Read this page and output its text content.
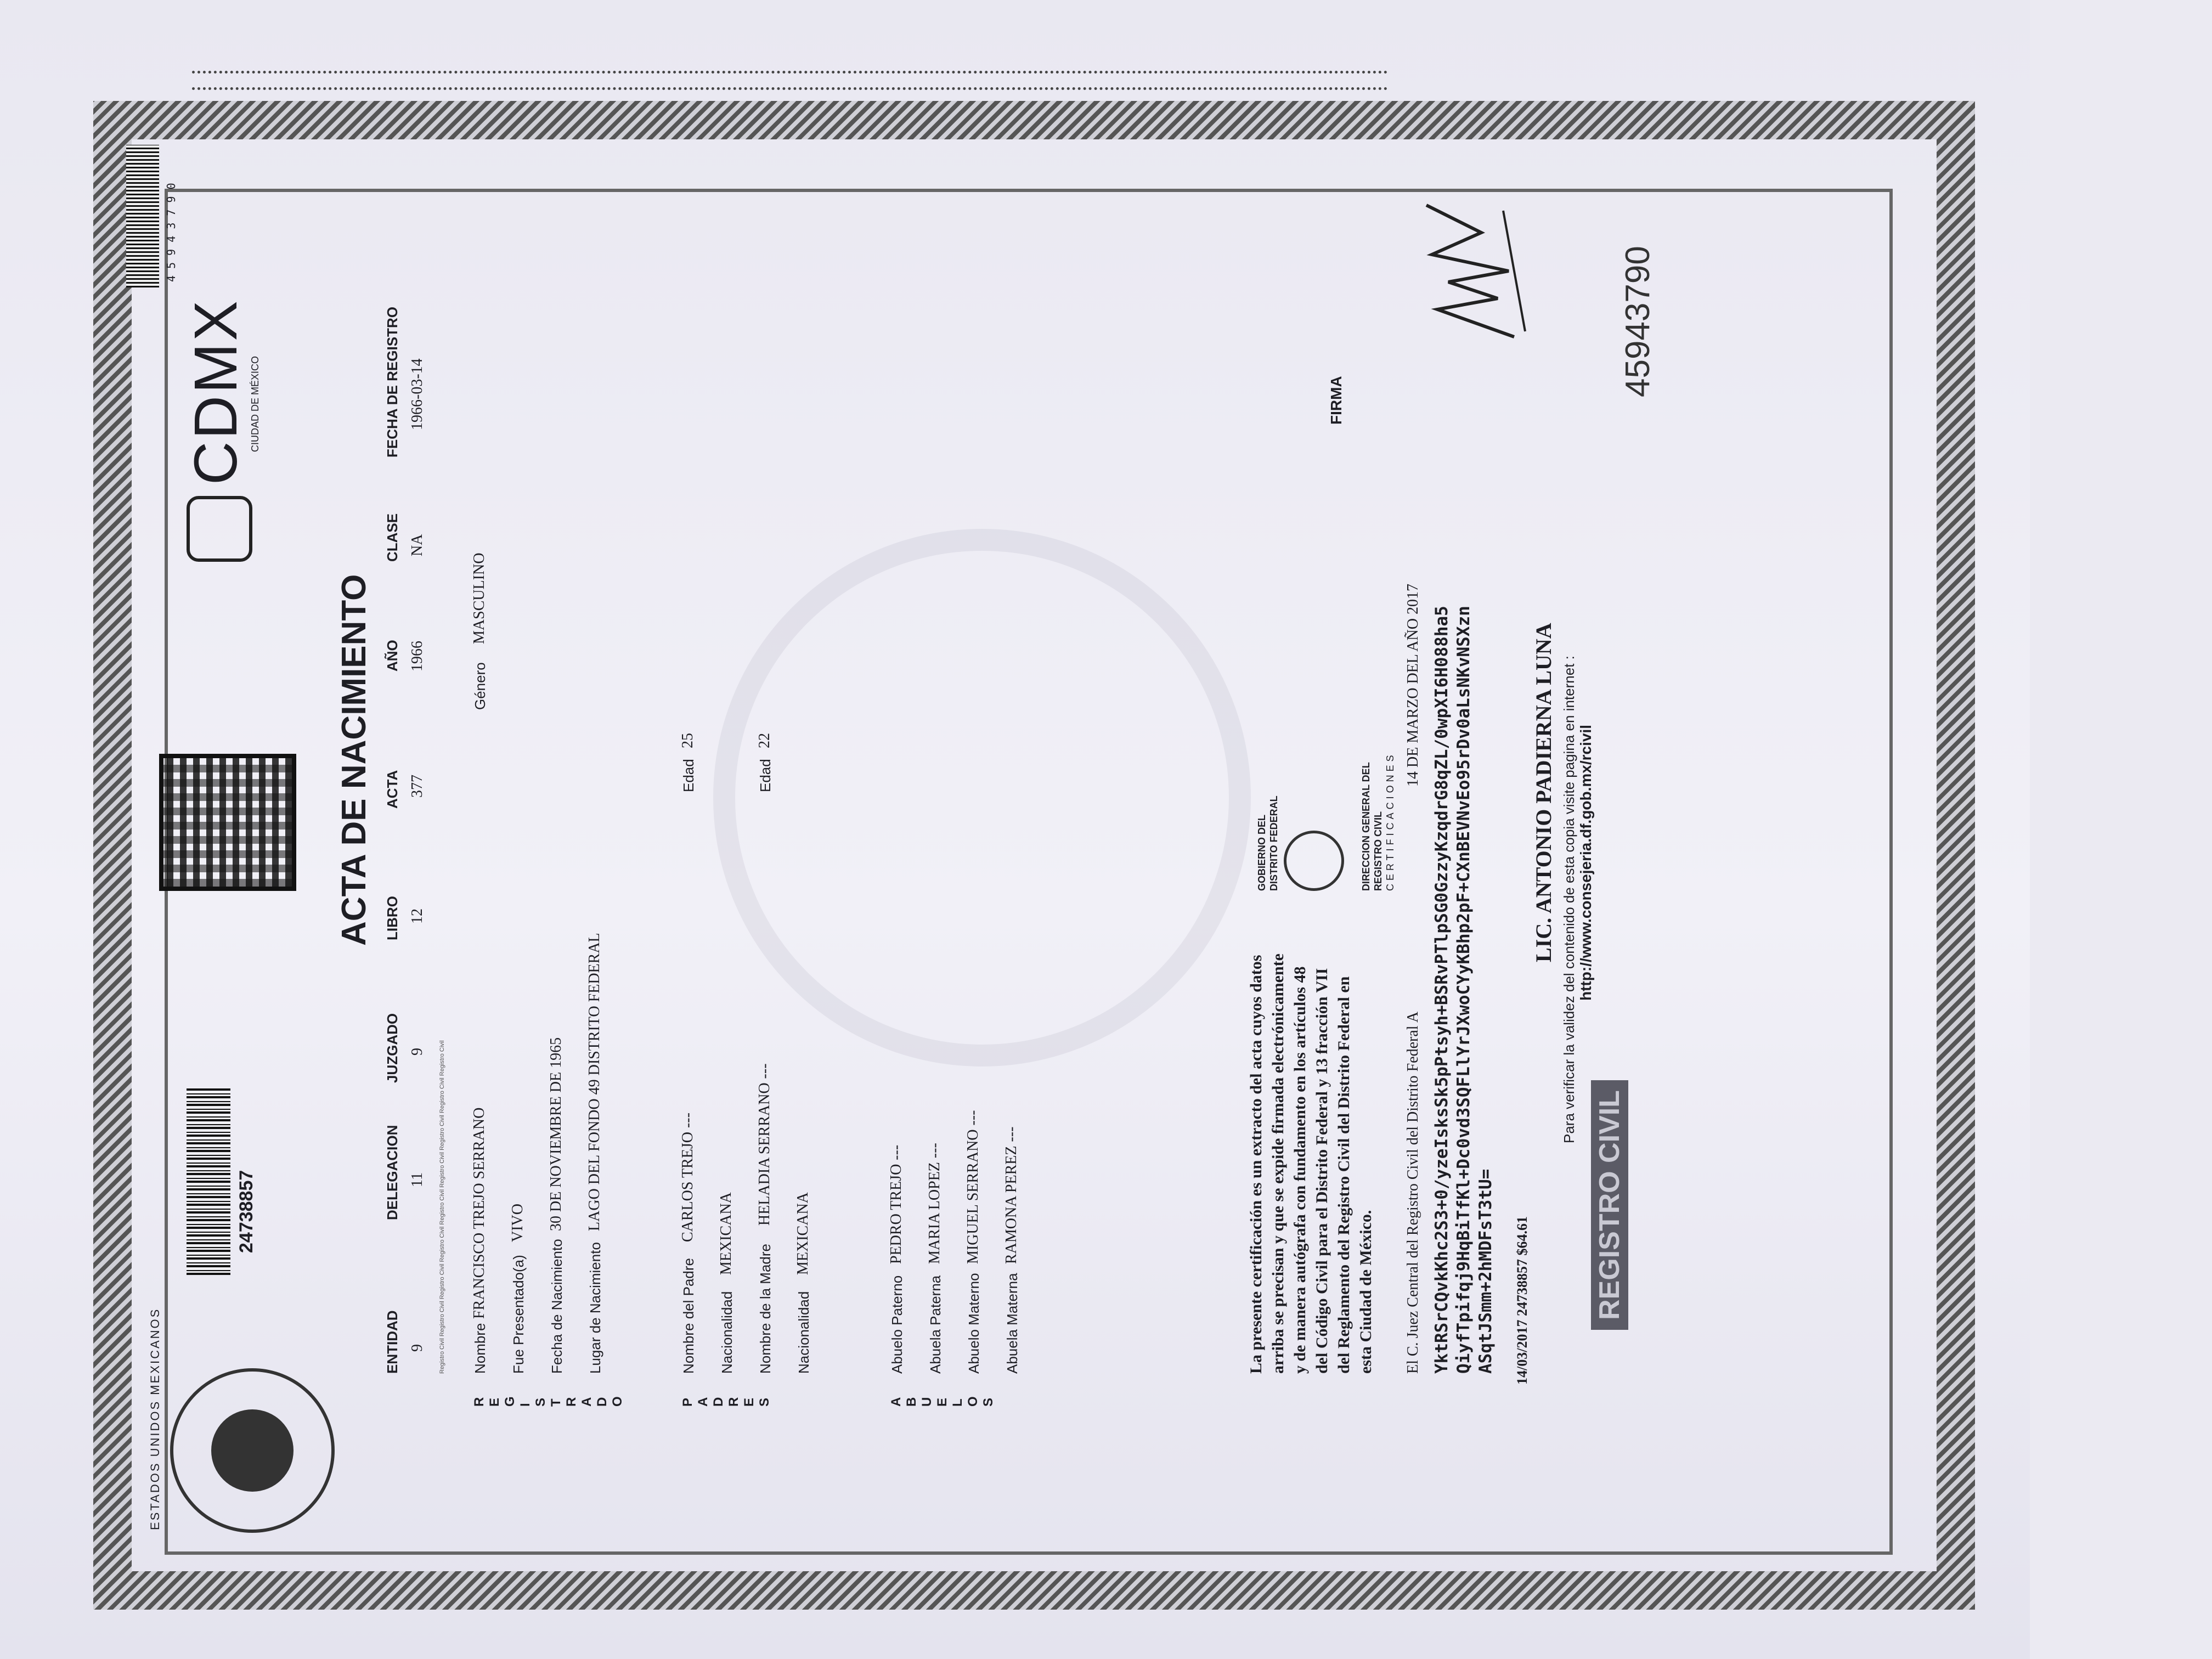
ESTADOS UNIDOS MEXICANOS
24738857
CDMX CIUDAD DE MÉXICO
4 5 9 4 3 7 9 0
ACTA DE NACIMIENTO
ENTIDAD
DELEGACION
JUZGADO
LIBRO
ACTA
AÑO
CLASE
FECHA DE REGISTRO
9
11
9
12
377
1966
NA
1966-03-14
Registro Civil Registro Civil Registro Civil Registro Civil Registro Civil Registro Civil Registro Civil Registro Civil Registro Civil
R E G I S T R A D O
Nombre
FRANCISCO TREJO SERRANO
Género
MASCULINO
Fue Presentado(a)
VIVO
Fecha de Nacimiento
30 DE NOVIEMBRE DE 1965
Lugar de Nacimiento
LAGO DEL FONDO 49 DISTRITO FEDERAL
P A D R E S
Nombre del Padre
CARLOS TREJO ---
Edad
25
Nacionalidad
MEXICANA
Nombre de la Madre
HELADIA SERRANO ---
Edad
22
Nacionalidad
MEXICANA
A B U E L O S
Abuelo Paterno
PEDRO TREJO ---
Abuela Paterna
MARIA LOPEZ ---
Abuelo Materno
MIGUEL SERRANO ---
Abuela Materna
RAMONA PEREZ ---	La presente certificación es un extracto del acta cuyos datos arriba se precisan y que se expide firmada electrónicamente y de manera autógrafa con fundamento en los artículos 48 del Código Civil para el Distrito Federal y 13 fracción VII del Reglamento del Registro Civil del Distrito Federal en esta Ciudad de México.
GOBIERNO DEL DISTRITO FEDERAL	DIRECCION GENERAL DEL REGISTRO CIVIL CERTIFICACIONES
FIRMA
El C. Juez Central del Registro Civil del Distrito Federal A
14 DE MARZO DEL AÑO 2017 YktRSrCQvkKhc2S3+0/yzeIsksSk5pPtsyh+BSRvPTlpSG0GzzyKzqdrG8qZL/0wpXI6H088ha5 QiyfTpifqj9HqBiTfKl+Dc0vd3SQFLlYrJXwoCYyKBhp2pF+CXnBEVNvEo95rDv0aLsNKvNSXzn ASqtJSmm+2hMDFsT3tU= 14/03/2017 24738857 $64.61
LIC. ANTONIO PADIERNA LUNA Para verificar la validez del contenido de esta copia visite pagina en internet : http://www.consejeria.df.gob.mx/rcivil
REGISTRO CIVIL
45943790
